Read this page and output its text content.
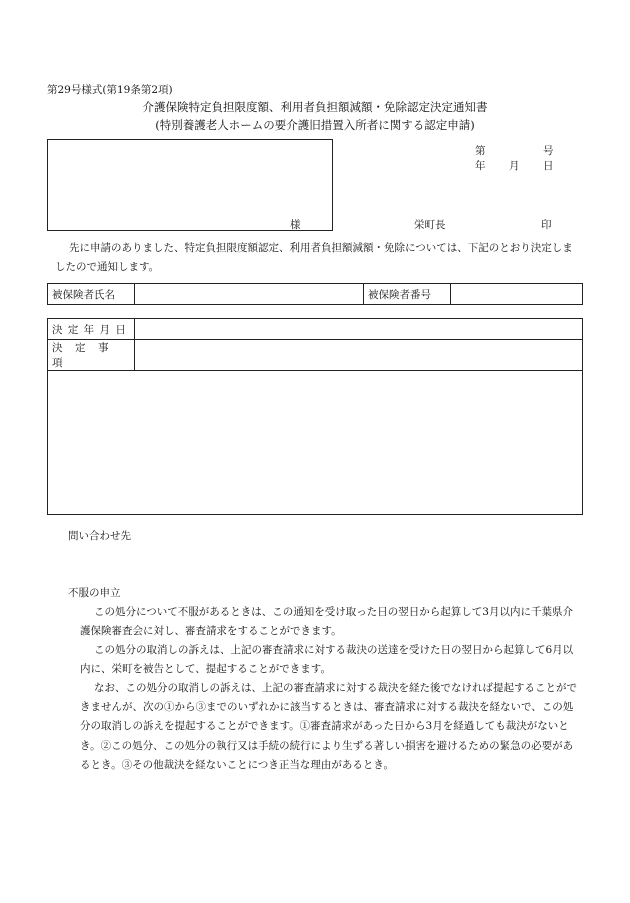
第29号様式(第19条第2項)
介護保険特定負担限度額、利用者負担額減額・免除認定決定通知書
(特別養護老人ホームの要介護旧措置入所者に関する認定申請)
様
第	号
年 月 日
栄町長	印
先に申請のありました、特定負担限度額認定、利用者負担額減額・免除については、下記のとおり決定しましたので通知します。
被保険者氏名		被保険者番号	
決 定 年 月 日	
決　定　事　項	

問い合わせ先
不服の申立
この処分について不服があるときは、この通知を受け取った日の翌日から起算して3月以内に千葉県介護保険審査会に対し、審査請求をすることができます。
この処分の取消しの訴えは、上記の審査請求に対する裁決の送達を受けた日の翌日から起算して6月以内に、栄町を被告として、提起することができます。
なお、この処分の取消しの訴えは、上記の審査請求に対する裁決を経た後でなければ提起することができませんが、次の①から③までのいずれかに該当するときは、審査請求に対する裁決を経ないで、この処分の取消しの訴えを提起することができます。①審査請求があった日から3月を経過しても裁決がないとき。②この処分、この処分の執行又は手続の続行により生ずる著しい損害を避けるための緊急の必要があるとき。③その他裁決を経ないことにつき正当な理由があるとき。
